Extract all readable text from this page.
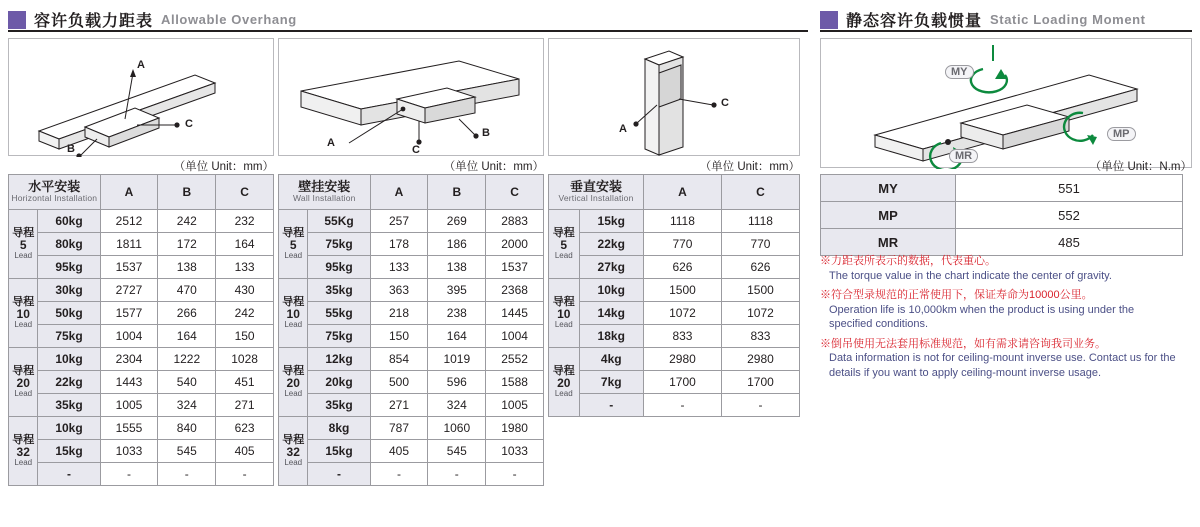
容许负载力距表 Allowable Overhang	静态容许负载惯量 Static Loading Moment
A
C
B
（单位 Unit：mm）
A
B
C
（单位 Unit：mm）
A
C
（单位 Unit：mm）
MY
MP
MR
（单位 Unit：N.m）
水平安装
Horizontal Installation		A	B	C

导程
5
Lead	60kg	2512	242	232
	80kg	1811	172	164
	95kg	1537	138	133

导程
10
Lead	30kg	2727	470	430
	50kg	1577	266	242
	75kg	1004	164	150

导程
20
Lead	10kg	2304	1222	1028
	22kg	1443	540	451
	35kg	1005	324	271

导程
32
Lead	10kg	1555	840	623
	15kg	1033	545	405
	-	-	-	-
壁挂安装
Wall Installation		A	B	C

导程
5
Lead	55Kg	257	269	2883
	75kg	178	186	2000
	95kg	133	138	1537

导程
10
Lead	35kg	363	395	2368
	55kg	218	238	1445
	75kg	150	164	1004

导程
20
Lead	12kg	854	1019	2552
	20kg	500	596	1588
	35kg	271	324	1005

导程
32
Lead	8kg	787	1060	1980
	15kg	405	545	1033
	-	-	-	-
垂直安装
Vertical Installation		A	C

导程
5
Lead	15kg	1118	1118
	22kg	770	770
	27kg	626	626

导程
10
Lead	10kg	1500	1500
	14kg	1072	1072
	18kg	833	833

导程
20
Lead	4kg	2980	2980
	7kg	1700	1700
	-	-	-
MY	551
MP	552
MR	485
※力距表所表示的数据，代表重心。
The torque value in the chart indicate the center of gravity.
※符合型录规范的正常使用下，保证寿命为10000公里。
Operation life is 10,000km when the product is using under the specified conditions.
※倒吊使用无法套用标准规范，如有需求请咨询我司业务。
Data information is not for ceiling-mount inverse use. Contact us for the details if you want to apply ceiling-mount inverse usage.
